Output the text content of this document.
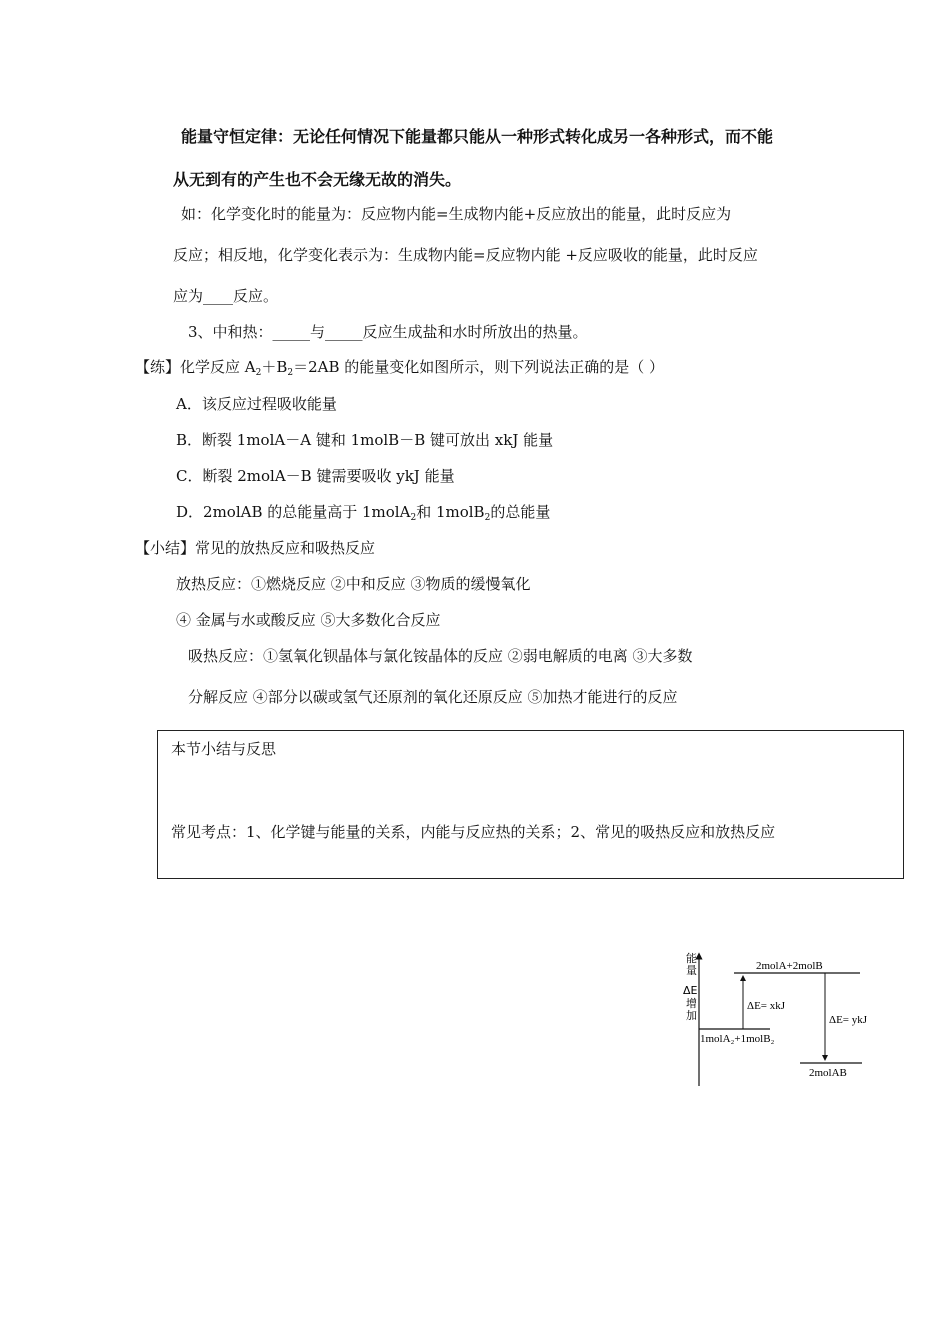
能量守恒定律：无论任何情况下能量都只能从一种形式转化成另一各种形式，而不能
从无到有的产生也不会无缘无故的消失。
如：化学变化时的能量为：反应物内能=生成物内能+反应放出的能量，此时反应为
反应；相反地，化学变化表示为：生成物内能=反应物内能 +反应吸收的能量，此时反应
应为____反应。
3、中和热：_____与_____反应生成盐和水时所放出的热量。
【练】化学反应 $A_2+B_2=2AB$ 的能量变化如图所示，则下列说法正确的是（ ）
A．该反应过程吸收能量
B．断裂 1molA－A 键和 1molB－B 键可放出 xkJ 能量
C．断裂 2molA－B 键需要吸收 ykJ 能量
D．2molAB 的总能量高于 1molA$_2$和 1molB$_2$的总能量
【小结】常见的放热反应和吸热反应
放热反应：①燃烧反应 ②中和反应 ③物质的缓慢氧化
④ 金属与水或酸反应 ⑤大多数化合反应
吸热反应：①氢氧化钡晶体与氯化铵晶体的反应 ②弱电解质的电离 ③大多数
分解反应 ④部分以碳或氢气还原剂的氧化还原反应 ⑤加热才能进行的反应
本节小结与反思
常见考点：1、化学键与能量的关系，内能与反应热的关系；2、常见的吸热反应和放热反应
能 量
ΔE
增 加
2molA+2molB
1molA₂+1molB₂
2molAB
ΔE= xkJ
ΔE= ykJ
